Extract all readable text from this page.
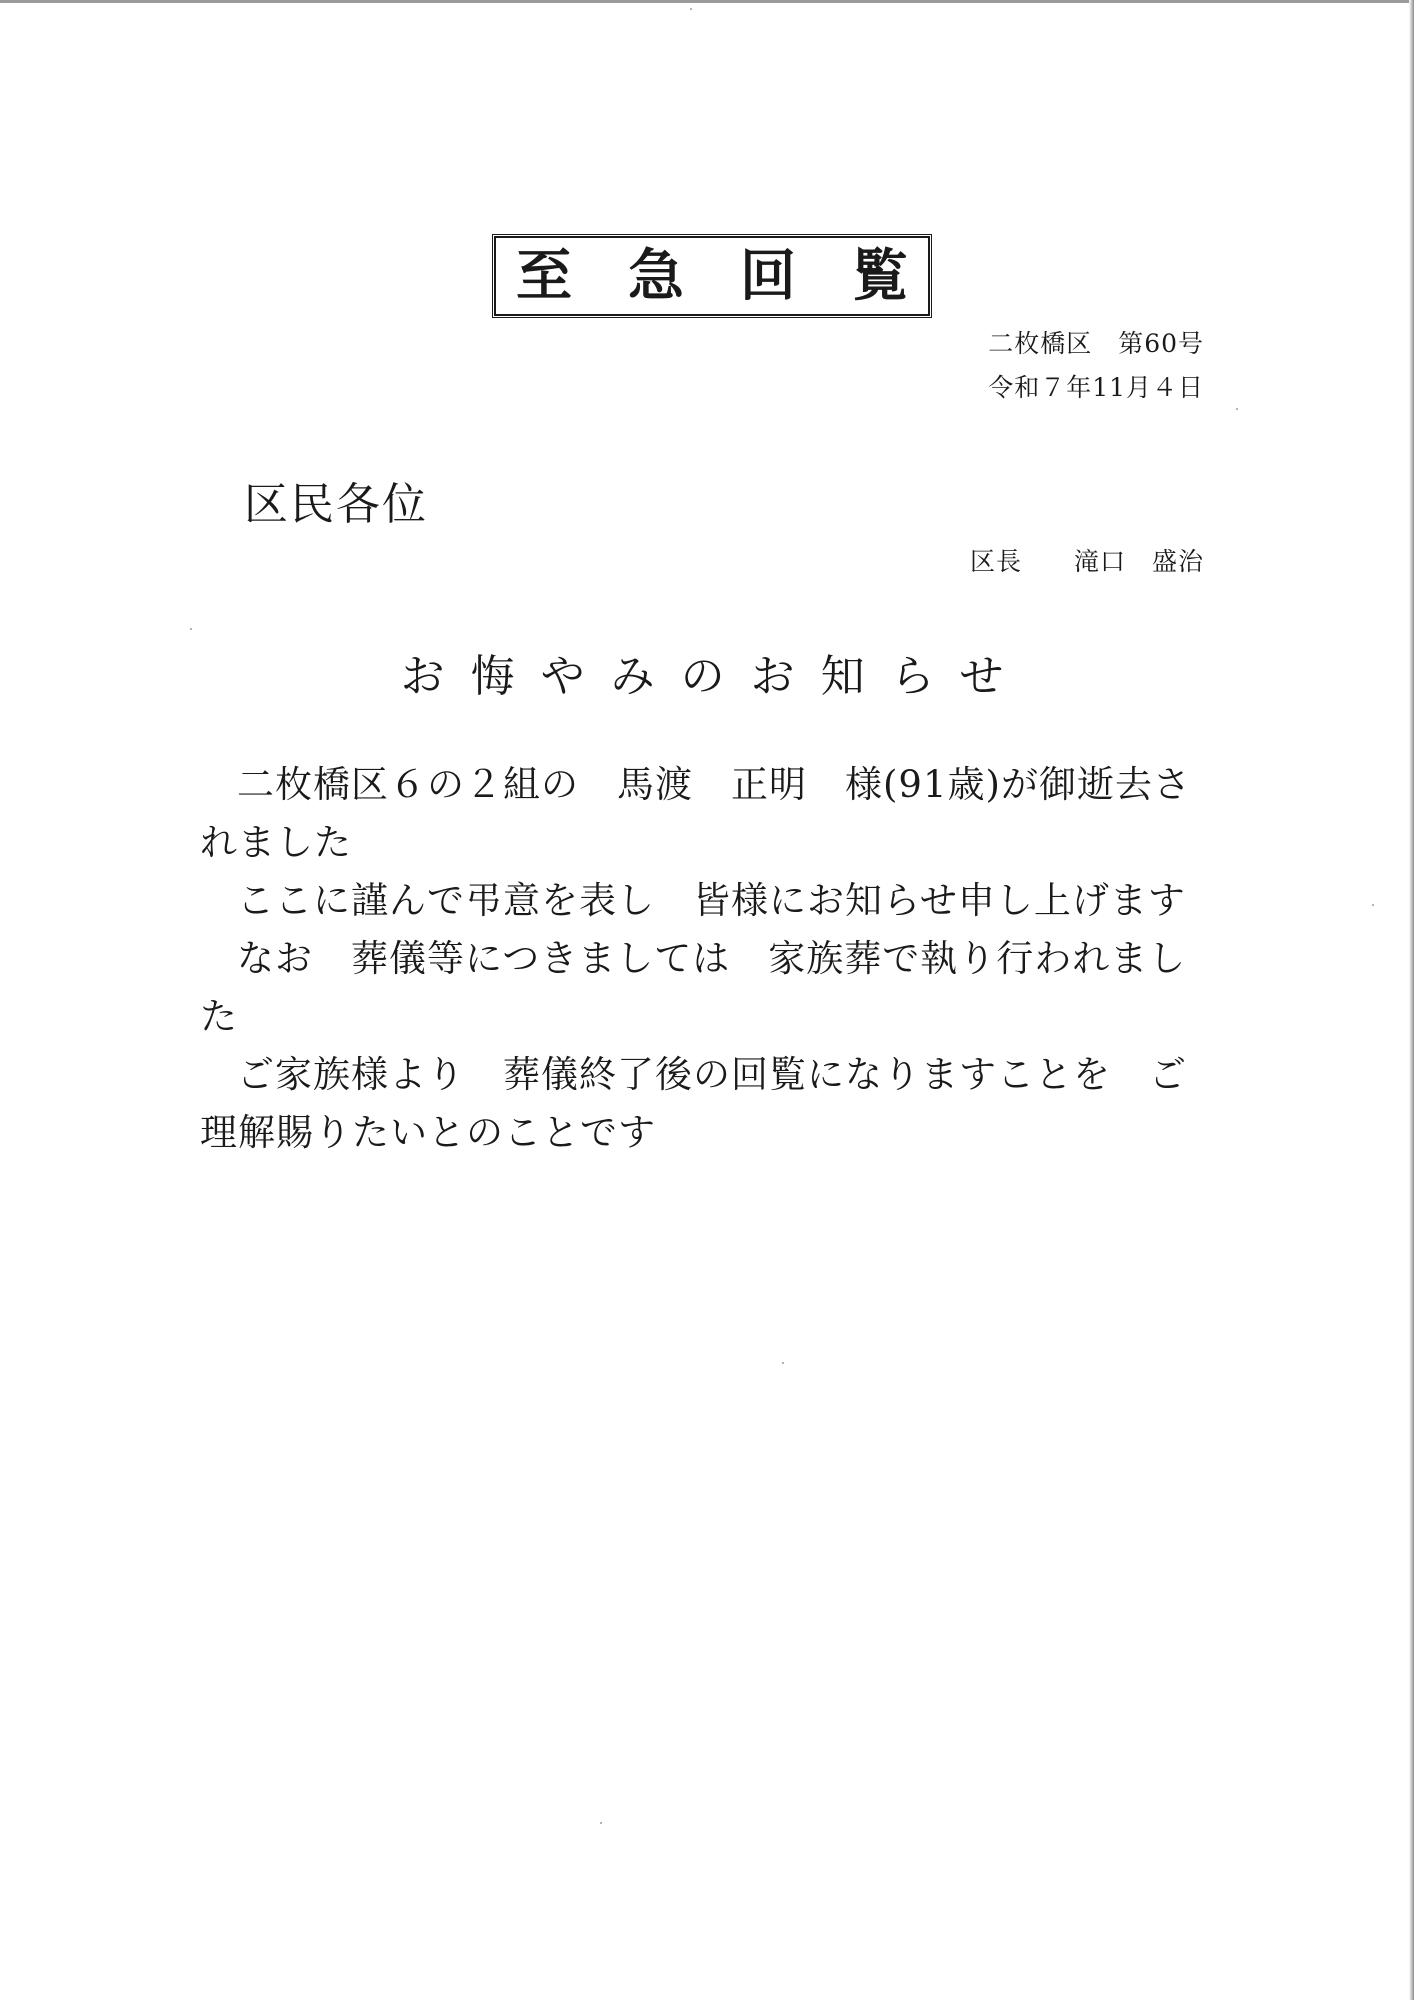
至急回覧
二枚橋区　第60号
令和７年11月４日
区民各位
区長　　滝口　盛治
お悔やみのお知らせ

二枚橋区６の２組の　馬渡　正明　様(91歳)が御逝去されました

ここに謹んで弔意を表し　皆様にお知らせ申し上げます

なお　葬儀等につきましては　家族葬で執り行われました

ご家族様より　葬儀終了後の回覧になりますことを　ご理解賜りたいとのことです
